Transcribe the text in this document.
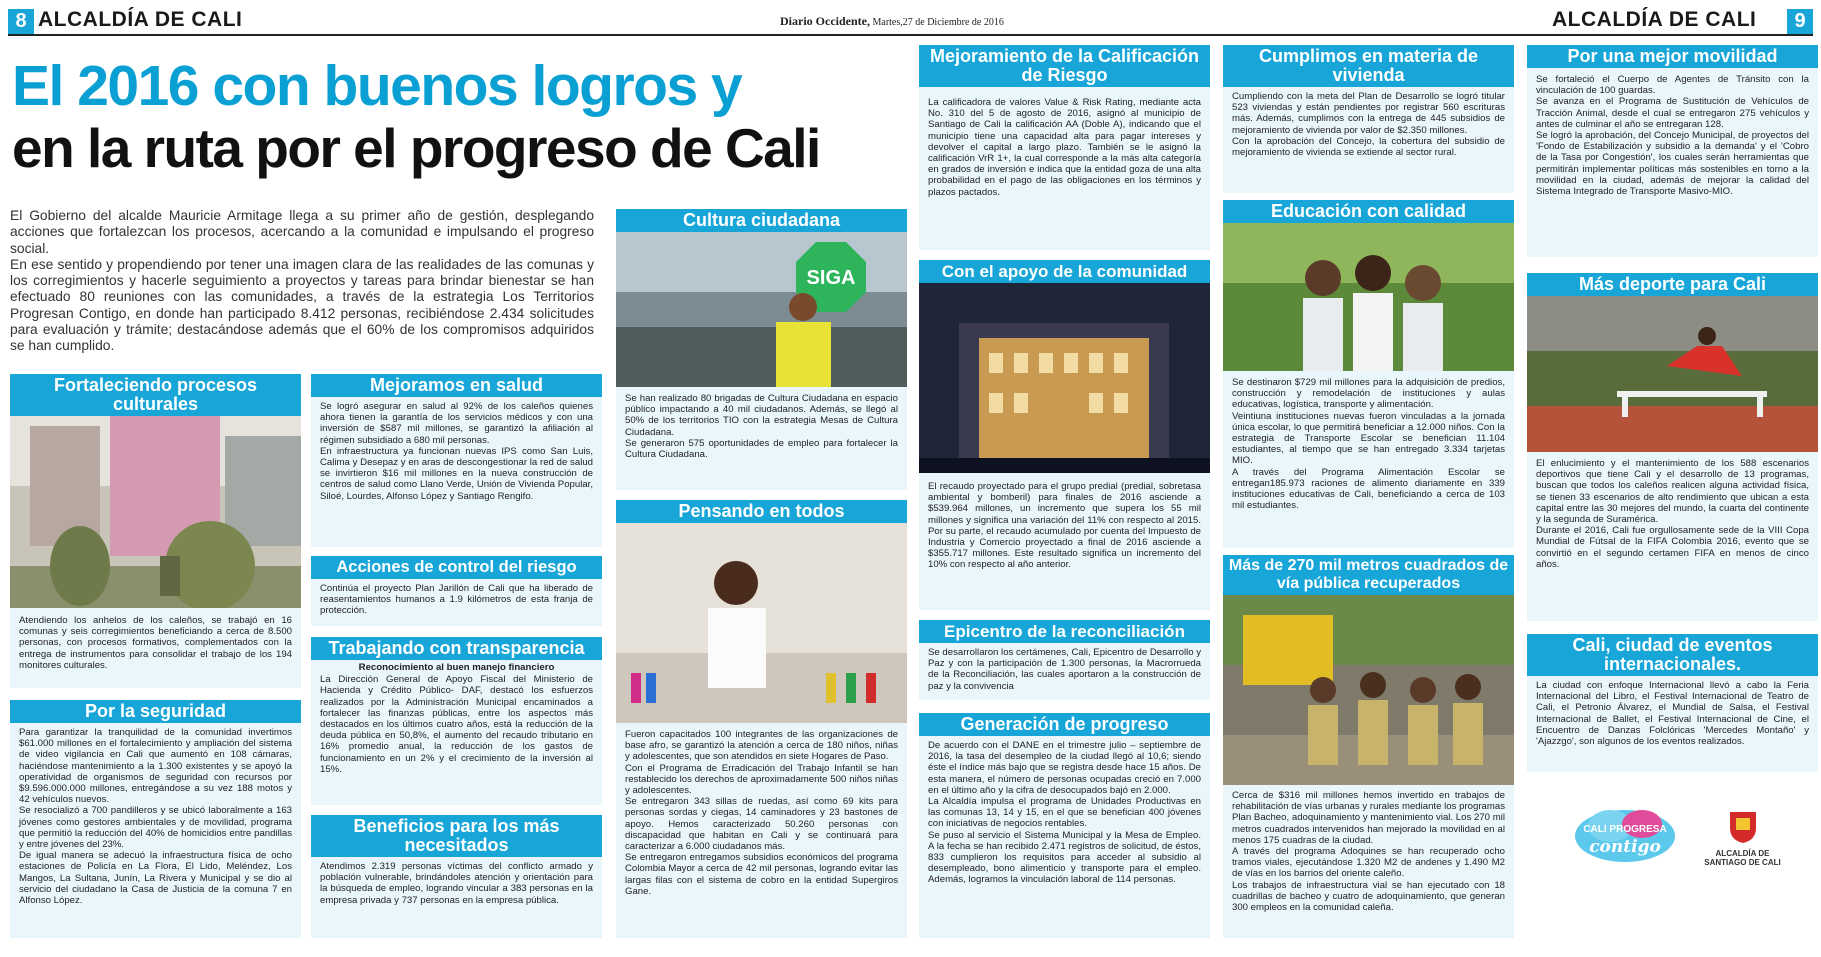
8 ALCALDÍA DE CALI	Diario Occidente, Martes,27 de Diciembre de 2016	ALCALDÍA DE CALI	9
El 2016 con buenos logros y
en la ruta por el progreso de Cali

El Gobierno del alcalde Mauricie Armitage llega a su primer año de gestión, desplegando acciones que fortalezcan los procesos, acercando a la comunidad e impulsando el progreso social.

En ese sentido y propendiendo por tener una imagen clara de las realidades de las comunas y los corregimientos y hacerle seguimiento a proyectos y tareas para brindar bienestar se han efectuado 80 reuniones con las comunidades, a través de la estrategia Los Territorios Progresan Contigo, en donde han participado 8.412 personas, recibiéndose 2.434 solicitudes para evaluación y trámite; destacándose además que el 60% de los compromisos adquiridos se han cumplido.

Fortaleciendo procesos culturales
Atendiendo los anhelos de los caleños, se trabajó en 16 comunas y seis corregimientos beneficiando a cerca de 8.500 personas, con procesos formativos, complementados con la entrega de instrumentos para consolidar el trabajo de los 194 monitores culturales.
Por la seguridad

Para garantizar la tranquilidad de la comunidad invertimos $61.000 millones en el fortalecimiento y ampliación del sistema de video vigilancia en Cali que aumentó en 108 cámaras, haciéndose mantenimiento a la 1.300 existentes y se apoyó la operatividad de organismos de seguridad con recursos por $9.596.000.000 millones, entregándose a su vez 188 motos y 42 vehículos nuevos.

Se resocializó a 700 pandilleros y se ubicó laboralmente a 163 jóvenes como gestores ambientales y de movilidad, programa que permitió la reducción del 40% de homicidios entre pandillas y entre jóvenes del 23%.

De igual manera se adecuó la infraestructura física de ocho estaciones de Policía en La Flora, El Lido, Meléndez, Los Mangos, La Sultana, Junín, La Rivera y Municipal y se dio al servicio del ciudadano la Casa de Justicia de la comuna 7 en Alfonso López.

Mejoramos en salud

Se logró asegurar en salud al 92% de los caleños quienes ahora tienen la garantía de los servicios médicos y con una inversión de $587 mil millones, se garantizó la afiliación al régimen subsidiado a 680 mil personas.

En infraestructura ya funcionan nuevas IPS como San Luis, Calima y Desepaz y en aras de descongestionar la red de salud se invirtieron $16 mil millones en la nueva construcción de centros de salud como Llano Verde, Unión de Vivienda Popular, Siloé, Lourdes, Alfonso López y Santiago Rengifo.

Acciones de control del riesgo
Continúa el proyecto Plan Jarillón de Cali que ha liberado de reasentamientos humanos a 1.9 kilómetros de esta franja de protección.
Trabajando con transparencia
Reconocimiento al buen manejo financiero
La Dirección General de Apoyo Fiscal del Ministerio de Hacienda y Crédito Público- DAF, destacó los esfuerzos realizados por la Administración Municipal encaminados a fortalecer las finanzas públicas, entre los aspectos más destacados en los últimos cuatro años, está la reducción de la deuda pública en 50,8%, el aumento del recaudo tributario en 16% promedio anual, la reducción de los gastos de funcionamiento en un 2% y el crecimiento de la inversión al 15%.
Beneficios para los más necesitados
Atendimos 2.319 personas víctimas del conflicto armado y población vulnerable, brindándoles atención y orientación para la búsqueda de empleo, logrando vincular a 383 personas en la empresa privada y 737 personas en la empresa pública.
Cultura ciudadana
SIGA

Se han realizado 80 brigadas de Cultura Ciudadana en espacio público impactando a 40 mil ciudadanos. Además, se llegó al 50% de los territorios TIO con la estrategia Mesas de Cultura Ciudadana.

Se generaron 575 oportunidades de empleo para fortalecer la Cultura Ciudadana.

Pensando en todos

Fueron capacitados 100 integrantes de las organizaciones de base afro, se garantizó la atención a cerca de 180 niños, niñas y adolescentes, que son atendidos en siete Hogares de Paso.

Con el Programa de Erradicación del Trabajo Infantil se han restablecido los derechos de aproximadamente 500 niños niñas y adolescentes.

Se entregaron 343 sillas de ruedas, así como 69 kits para personas sordas y ciegas, 14 caminadores y 23 bastones de apoyo. Hemos caracterizado 50.260 personas con discapacidad que habitan en Cali y se continuará para caracterizar a 6.000 ciudadanos más.

Se entregaron entregamos subsidios económicos del programa Colombia Mayor a cerca de 42 mil personas, logrando evitar las largas filas con el sistema de cobro en la entidad Supergiros Gane.

Mejoramiento de la Calificación de Riesgo
La calificadora de valores Value & Risk Rating, mediante acta No. 310 del 5 de agosto de 2016, asignó al municipio de Santiago de Cali la calificación AA (Doble A), indicando que el municipio tiene una capacidad alta para pagar intereses y devolver el capital a largo plazo. También se le asignó la calificación VrR 1+, la cual corresponde a la más alta categoría en grados de inversión e indica que la entidad goza de una alta probabilidad en el pago de las obligaciones en los términos y plazos pactados.
Con el apoyo de la comunidad
El recaudo proyectado para el grupo predial (predial, sobretasa ambiental y bomberil) para finales de 2016 asciende a $539.964 millones, un incremento que supera los 55 mil millones y significa una variación del 11% con respecto al 2015. Por su parte, el recaudo acumulado por cuenta del Impuesto de Industria y Comercio proyectado a final de 2016 asciende a $355.717 millones. Este resultado significa un incremento del 10% con respecto al año anterior.
Epicentro de la reconciliación
Se desarrollaron los certámenes, Cali, Epicentro de Desarrollo y Paz y con la participación de 1.300 personas, la Macrorrueda de la Reconciliación, las cuales aportaron a la construcción de paz y la convivencia
Generación de progreso

De acuerdo con el DANE en el trimestre julio – septiembre de 2016, la tasa del desempleo de la ciudad llegó al 10,6; siendo éste el índice más bajo que se registra desde hace 15 años. De esta manera, el número de personas ocupadas creció en 7.000 en el último año y la cifra de desocupados bajó en 2.000.

La Alcaldía impulsa el programa de Unidades Productivas en las comunas 13, 14 y 15, en el que se benefician 400 jóvenes con iniciativas de negocios rentables.

Se puso al servicio el Sistema Municipal y la Mesa de Empleo. A la fecha se han recibido 2.471 registros de solicitud, de éstos, 833 cumplieron los requisitos para acceder al subsidio al desempleado, bono alimenticio y transporte para el empleo. Además, logramos la vinculación laboral de 114 personas.

Cumplimos en materia de vivienda

Cumpliendo con la meta del Plan de Desarrollo se logró titular 523 viviendas y están pendientes por registrar 560 escrituras más. Además, cumplimos con la entrega de 445 subsidios de mejoramiento de vivienda por valor de $2.350 millones.

Con la aprobación del Concejo, la cobertura del subsidio de mejoramiento de vivienda se extiende al sector rural.

Educación con calidad

Se destinaron $729 mil millones para la adquisición de predios, construcción y remodelación de instituciones y aulas educativas, logística, transporte y alimentación.

Veintiuna instituciones nuevas fueron vinculadas a la jornada única escolar, lo que permitirá beneficiar a 12.000 niños. Con la estrategia de Transporte Escolar se benefician 11.104 estudiantes, al tiempo que se han entregado 3.334 tarjetas MIO.

A través del Programa Alimentación Escolar se entregan185.973 raciones de alimento diariamente en 339 instituciones educativas de Cali, beneficiando a cerca de 103 mil estudiantes.

Más de 270 mil metros cuadrados de vía pública recuperados

Cerca de $316 mil millones hemos invertido en trabajos de rehabilitación de vías urbanas y rurales mediante los programas Plan Bacheo, adoquinamiento y mantenimiento vial. Los 270 mil metros cuadrados intervenidos han mejorado la movilidad en al menos 175 cuadras de la ciudad.

A través del programa Adoquines se han recuperado ocho tramos viales, ejecutándose 1.320 M2 de andenes y 1.490 M2 de vías en los barrios del oriente caleño.

Los trabajos de infraestructura vial se han ejecutado con 18 cuadrillas de bacheo y cuatro de adoquinamiento, que generan 300 empleos en la comunidad caleña.

Por una mejor movilidad

Se fortaleció el Cuerpo de Agentes de Tránsito con la vinculación de 100 guardas.

Se avanza en el Programa de Sustitución de Vehículos de Tracción Animal, desde el cual se entregaron 275 vehículos y antes de culminar el año se entregaran 128.

Se logró la aprobación, del Concejo Municipal, de proyectos del 'Fondo de Estabilización y subsidio a la demanda' y el 'Cobro de la Tasa por Congestión', los cuales serán herramientas que permitirán implementar políticas más sostenibles en torno a la movilidad en la ciudad, además de mejorar la calidad del Sistema Integrado de Transporte Masivo-MIO.

Más deporte para Cali

El enlucimiento y el mantenimiento de los 588 escenarios deportivos que tiene Cali y el desarrollo de 13 programas, buscan que todos los caleños realicen alguna actividad física, se tienen 33 escenarios de alto rendimiento que ubican a esta capital entre las 30 mejores del mundo, la cuarta del continente y la segunda de Suramérica.

Durante el 2016, Cali fue orgullosamente sede de la VIII Copa Mundial de Fútsal de la FIFA Colombia 2016, evento que se convirtió en el segundo certamen FIFA en menos de cinco años.

Cali, ciudad de eventos internacionales.
La ciudad con enfoque Internacional llevó a cabo la Feria Internacional del Libro, el Festival Internacional de Teatro de Cali, el Petronio Álvarez, el Mundial de Salsa, el Festival Internacional de Ballet, el Festival Internacional de Cine, el Encuentro de Danzas Folclóricas 'Mercedes Montaño' y 'Ajazzgo', son algunos de los eventos realizados.
CALI PROGRESA
contigo	ALCALDÍA DE
SANTIAGO DE CALI
